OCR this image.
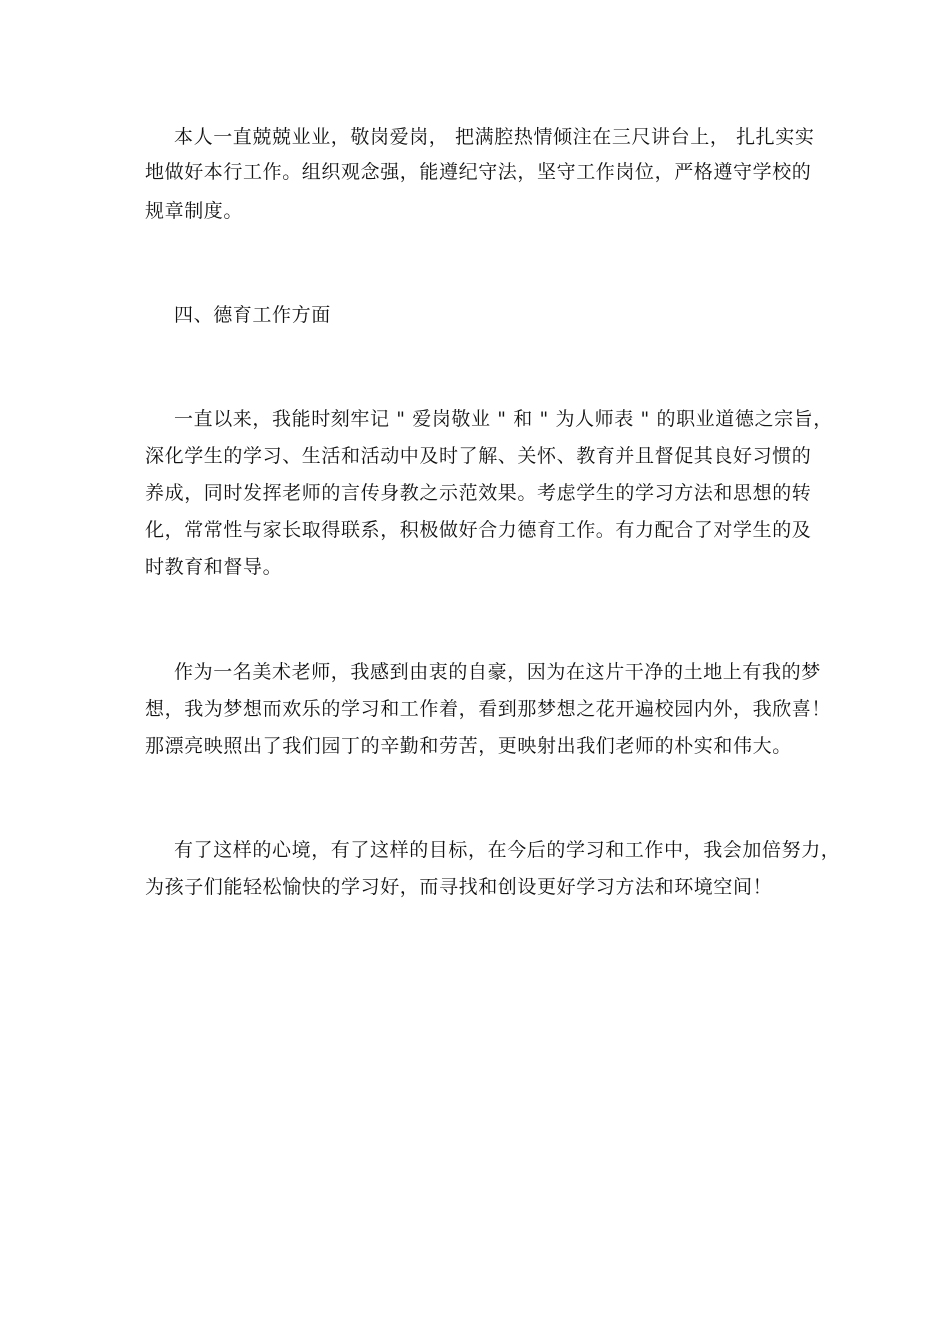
本人一直兢兢业业，敬岗爱岗， 把满腔热情倾注在三尺讲台上， 扎扎实实
地做好本行工作。组织观念强，能遵纪守法，坚守工作岗位，严格遵守学校的
规章制度。
四、德育工作方面
一直以来，我能时刻牢记 " 爱岗敬业 " 和 " 为人师表 " 的职业道德之宗旨，
深化学生的学习、生活和活动中及时了解、关怀、教育并且督促其良好习惯的
养成，同时发挥老师的言传身教之示范效果。考虑学生的学习方法和思想的转
化，常常性与家长取得联系，积极做好合力德育工作。有力配合了对学生的及
时教育和督导。
作为一名美术老师，我感到由衷的自豪，因为在这片干净的土地上有我的梦
想，我为梦想而欢乐的学习和工作着，看到那梦想之花开遍校园内外，我欣喜！
那漂亮映照出了我们园丁的辛勤和劳苦，更映射出我们老师的朴实和伟大。
有了这样的心境，有了这样的目标，在今后的学习和工作中，我会加倍努力，
为孩子们能轻松愉快的学习好，而寻找和创设更好学习方法和环境空间！
